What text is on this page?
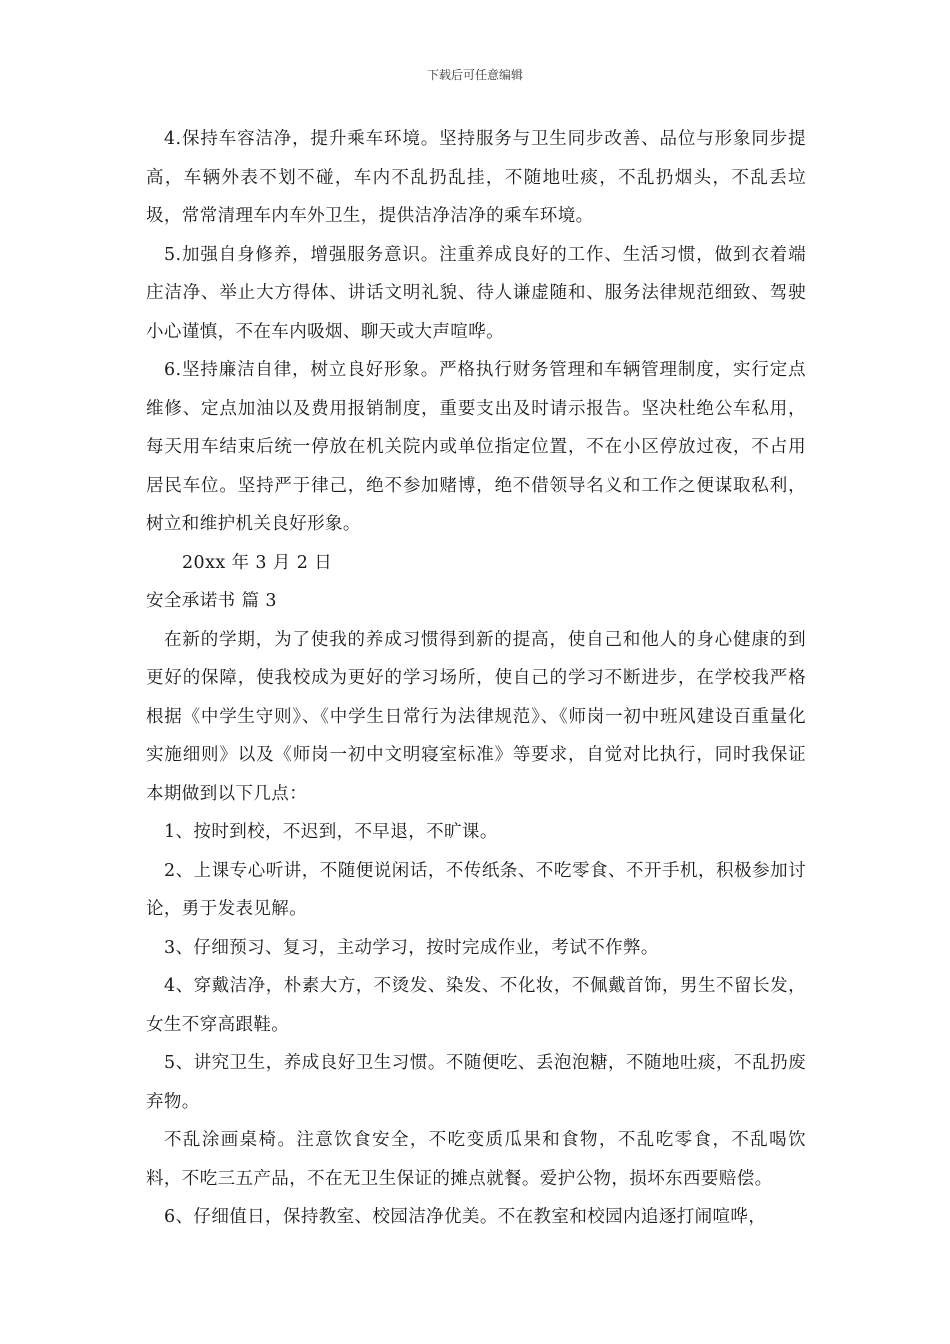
下载后可任意编辑

4.保持车容洁净，提升乘车环境。坚持服务与卫生同步改善、品位与形象同步提高，车辆外表不划不碰，车内不乱扔乱挂，不随地吐痰，不乱扔烟头，不乱丢垃圾，常常清理车内车外卫生，提供洁净洁净的乘车环境。

5.加强自身修养，增强服务意识。注重养成良好的工作、生活习惯，做到衣着端庄洁净、举止大方得体、讲话文明礼貌、待人谦虚随和、服务法律规范细致、驾驶小心谨慎，不在车内吸烟、聊天或大声喧哗。

6.坚持廉洁自律，树立良好形象。严格执行财务管理和车辆管理制度，实行定点维修、定点加油以及费用报销制度，重要支出及时请示报告。坚决杜绝公车私用，每天用车结束后统一停放在机关院内或单位指定位置，不在小区停放过夜，不占用居民车位。坚持严于律己，绝不参加赌博，绝不借领导名义和工作之便谋取私利，树立和维护机关良好形象。

20xx 年 3 月 2 日

安全承诺书 篇 3

在新的学期，为了使我的养成习惯得到新的提高，使自己和他人的身心健康的到更好的保障，使我校成为更好的学习场所，使自己的学习不断进步，在学校我严格根据《中学生守则》、《中学生日常行为法律规范》、《师岗一初中班风建设百重量化实施细则》以及《师岗一初中文明寝室标准》等要求，自觉对比执行，同时我保证本期做到以下几点：

1、按时到校，不迟到，不早退，不旷课。

2、上课专心听讲，不随便说闲话，不传纸条、不吃零食、不开手机，积极参加讨论，勇于发表见解。

3、仔细预习、复习，主动学习，按时完成作业，考试不作弊。

4、穿戴洁净，朴素大方，不烫发、染发、不化妆，不佩戴首饰，男生不留长发，女生不穿高跟鞋。

5、讲究卫生，养成良好卫生习惯。不随便吃、丢泡泡糖，不随地吐痰，不乱扔废弃物。

不乱涂画桌椅。注意饮食安全，不吃变质瓜果和食物，不乱吃零食，不乱喝饮料，不吃三五产品，不在无卫生保证的摊点就餐。爱护公物，损坏东西要赔偿。

6、仔细值日，保持教室、校园洁净优美。不在教室和校园内追逐打闹喧哗，
